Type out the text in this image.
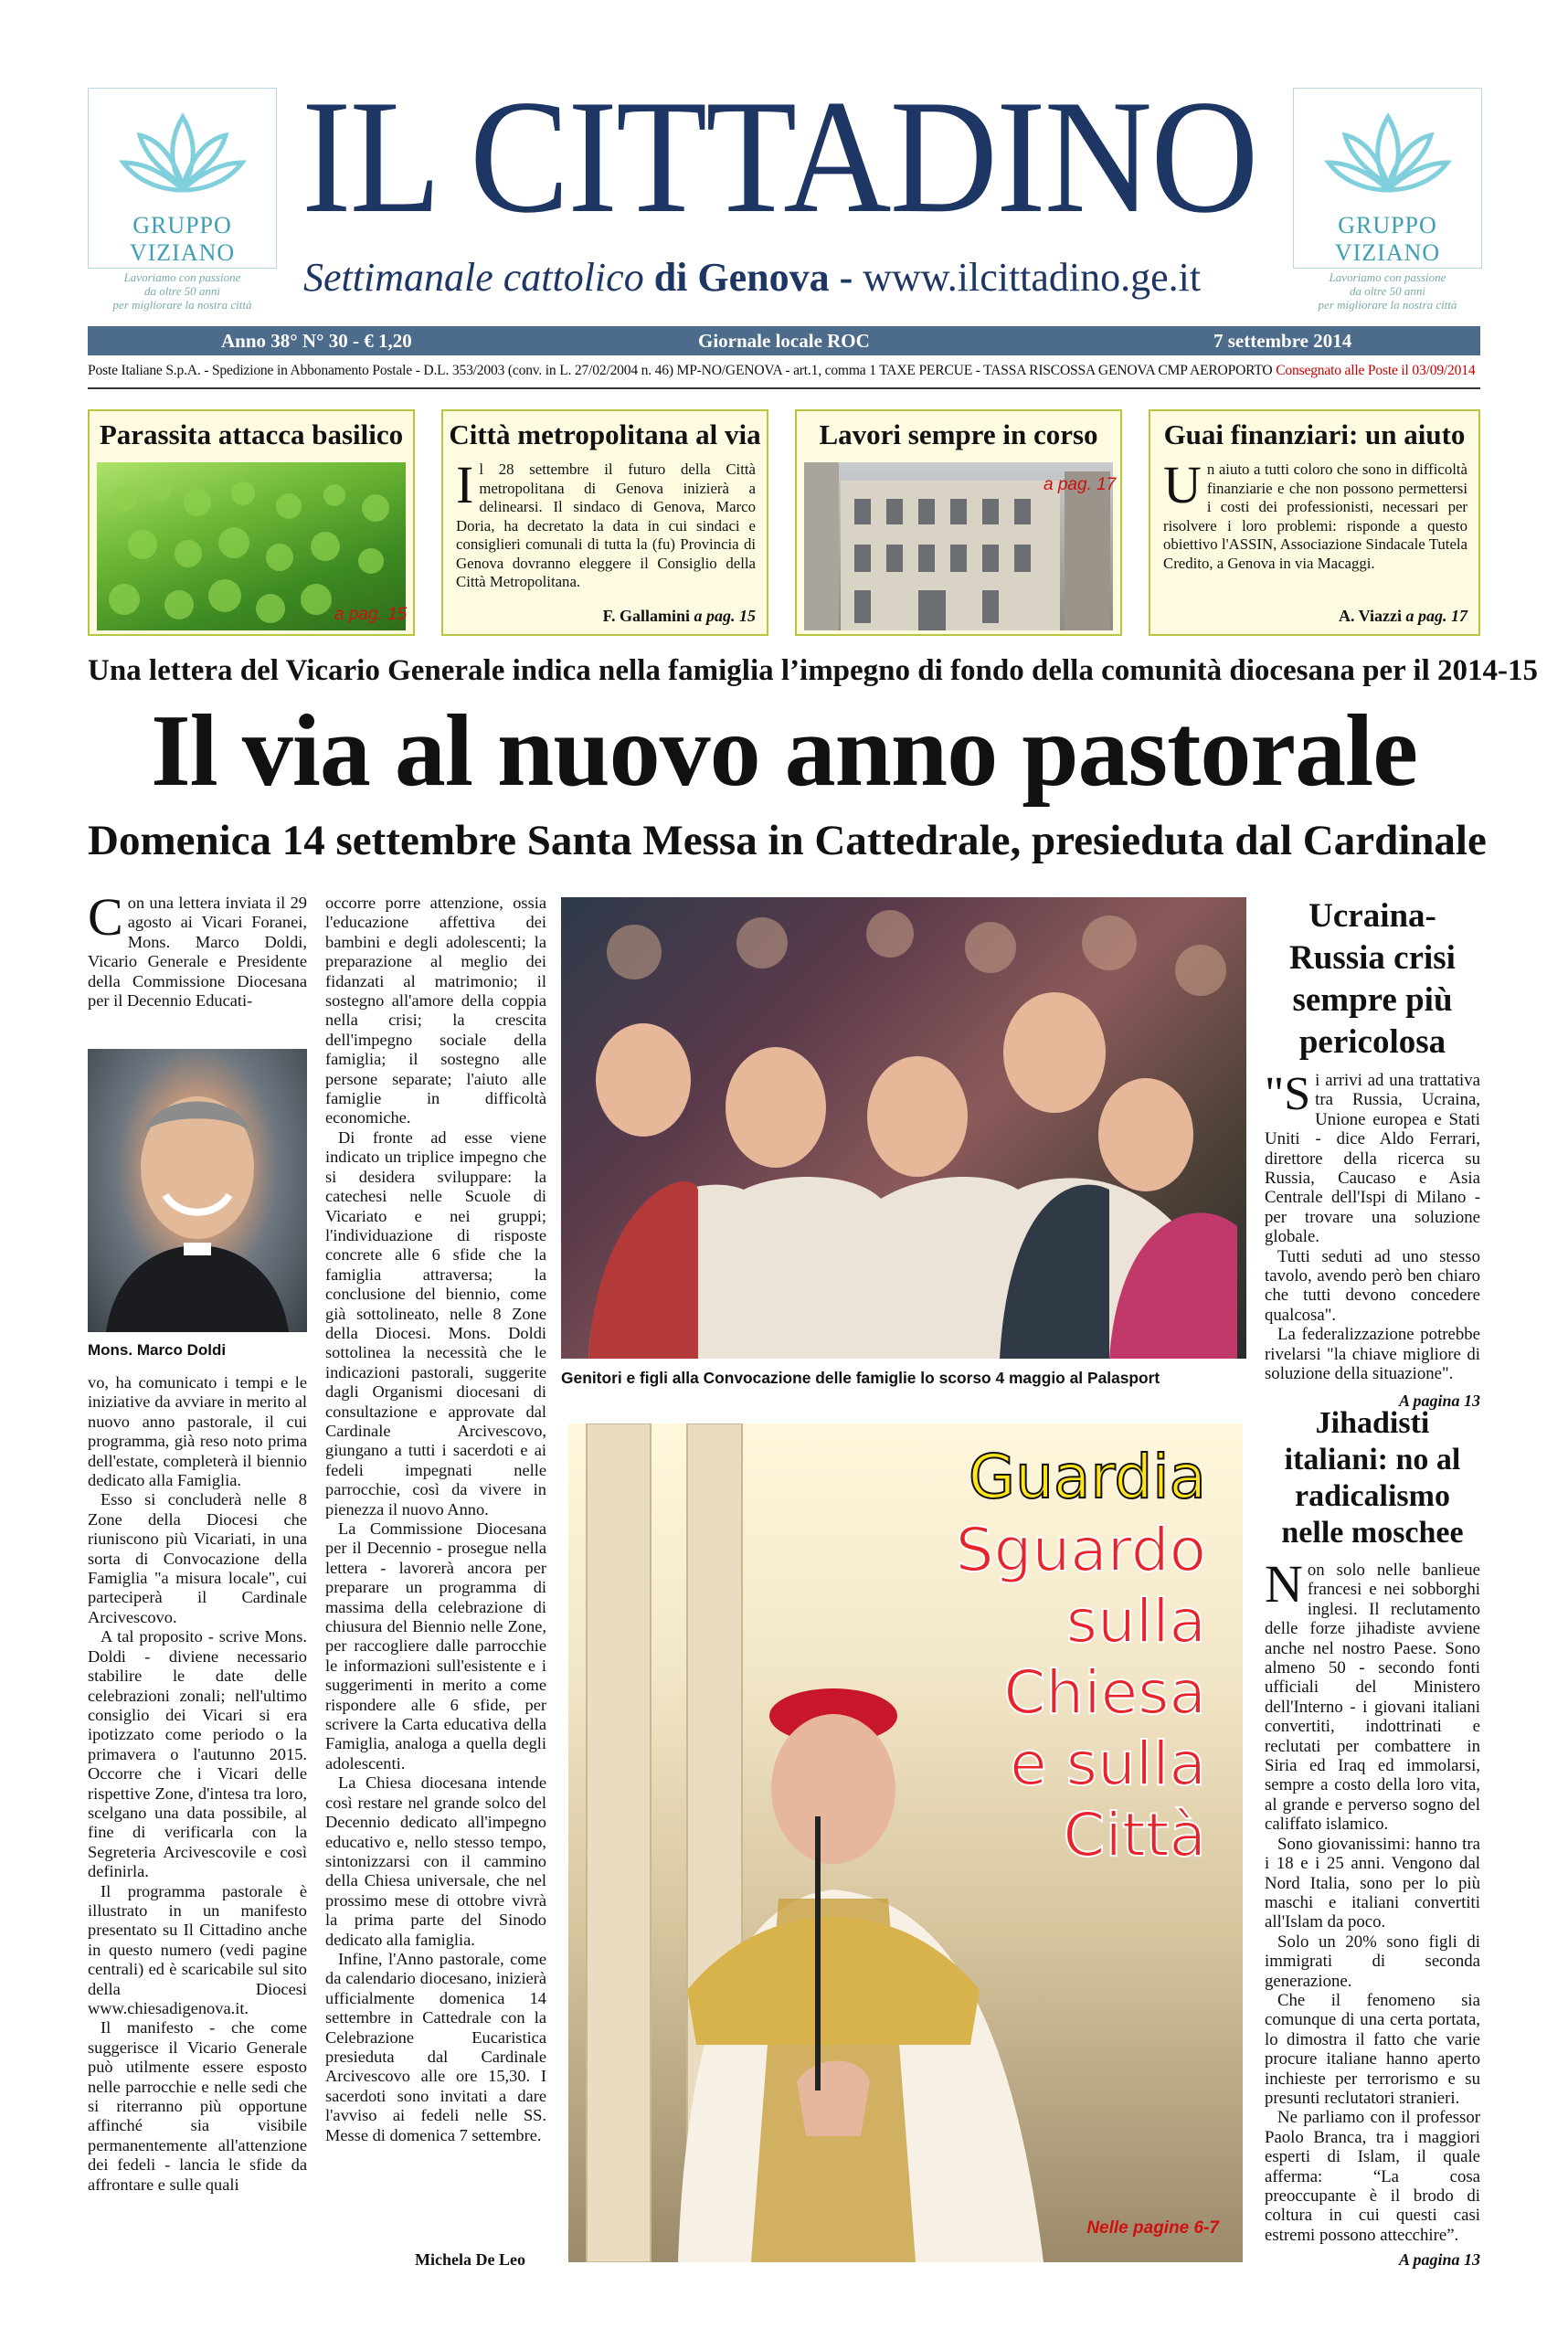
GRUPPO VIZIANO
Lavoriamo con passione
da oltre 50 anni
per migliorare la nostra città
GRUPPO VIZIANO
Lavoriamo con passione
da oltre 50 anni
per migliorare la nostra città
IL CITTADINO
Settimanale cattolico di Genova - www.ilcittadino.ge.it
Anno 38° N° 30 - € 1,20	Giornale locale ROC	7 settembre 2014
Poste Italiane S.p.A. - Spedizione in Abbonamento Postale - D.L. 353/2003 (conv. in L. 27/02/2004 n. 46) MP-NO/GENOVA - art.1, comma 1 TAXE PERCUE - TASSA RISCOSSA GENOVA CMP AEROPORTO Consegnato alle Poste il 03/09/2014
Parassita attacca basilico
a pag. 15
Città metropolitana al via
Il 28 settembre il futuro della Città metropolitana di Genova inizierà a delinearsi. Il sindaco di Genova, Marco Doria, ha decretato la data in cui sindaci e consiglieri comunali di tutta la (fu) Provincia di Genova dovranno eleggere il Consiglio della Città Metropolitana.
F. Gallamini a pag. 15
Lavori sempre in corso
a pag. 17
Guai finanziari: un aiuto
Un aiuto a tutti coloro che sono in difficoltà finanziarie e che non possono permettersi i costi dei professionisti, necessari per risolvere i loro problemi: risponde a questo obiettivo l'ASSIN, Associazione Sindacale Tutela Credito, a Genova in via Macaggi.
A. Viazzi a pag. 17
Una lettera del Vicario Generale indica nella famiglia l’impegno di fondo della comunità diocesana per il 2014-15
Il via al nuovo anno pastorale
Domenica 14 settembre Santa Messa in Cattedrale, presieduta dal Cardinale

Con una lettera inviata il 29 agosto ai Vicari Foranei, Mons. Marco Doldi, Vicario Generale e Presidente della Commissione Diocesana per il Decennio Educati-

Mons. Marco Doldi

vo, ha comunicato i tempi e le iniziative da avviare in merito al nuovo anno pastorale, il cui programma, già reso noto prima dell'estate, completerà il biennio dedicato alla Famiglia.

Esso si concluderà nelle 8 Zone della Diocesi che riuniscono più Vicariati, in una sorta di Convocazione della Famiglia "a misura locale", cui parteciperà il Cardinale Arcivescovo.

A tal proposito - scrive Mons. Doldi - diviene necessario stabilire le date delle celebrazioni zonali; nell'ultimo consiglio dei Vicari si era ipotizzato come periodo o la primavera o l'autunno 2015. Occorre che i Vicari delle rispettive Zone, d'intesa tra loro, scelgano una data possibile, al fine di verificarla con la Segreteria Arcivescovile e così definirla.

Il programma pastorale è illustrato in un manifesto presentato su Il Cittadino anche in questo numero (vedi pagine centrali) ed è scaricabile sul sito della Diocesi www.chiesadigenova.it.

Il manifesto - che come suggerisce il Vicario Generale può utilmente essere esposto nelle parrocchie e nelle sedi che si riterranno più opportune affinché sia visibile permanentemente all'attenzione dei fedeli - lancia le sfide da affrontare e sulle quali

occorre porre attenzione, ossia l'educazione affettiva dei bambini e degli adolescenti; la preparazione al meglio dei fidanzati al matrimonio; il sostegno all'amore della coppia nella crisi; la crescita dell'impegno sociale della famiglia; il sostegno alle persone separate; l'aiuto alle famiglie in difficoltà economiche.

Di fronte ad esse viene indicato un triplice impegno che si desidera sviluppare: la catechesi nelle Scuole di Vicariato e nei gruppi; l'individuazione di risposte concrete alle 6 sfide che la famiglia attraversa; la conclusione del biennio, come già sottolineato, nelle 8 Zone della Diocesi. Mons. Doldi sottolinea la necessità che le indicazioni pastorali, suggerite dagli Organismi diocesani di consultazione e approvate dal Cardinale Arcivescovo, giungano a tutti i sacerdoti e ai fedeli impegnati nelle parrocchie, così da vivere in pienezza il nuovo Anno.

La Commissione Diocesana per il Decennio - prosegue nella lettera - lavorerà ancora per preparare un programma di massima della celebrazione di chiusura del Biennio nelle Zone, per raccogliere dalle parrocchie le informazioni sull'esistente e i suggerimenti in merito a come rispondere alle 6 sfide, per scrivere la Carta educativa della Famiglia, analoga a quella degli adolescenti.

La Chiesa diocesana intende così restare nel grande solco del Decennio dedicato all'impegno educativo e, nello stesso tempo, sintonizzarsi con il cammino della Chiesa universale, che nel prossimo mese di ottobre vivrà la prima parte del Sinodo dedicato alla famiglia.

Infine, l'Anno pastorale, come da calendario diocesano, inizierà ufficialmente domenica 14 settembre in Cattedrale con la Celebrazione Eucaristica presieduta dal Cardinale Arcivescovo alle ore 15,30. I sacerdoti sono invitati a dare l'avviso ai fedeli nelle SS. Messe di domenica 7 settembre.

Michela De Leo
Genitori e figli alla Convocazione delle famiglie lo scorso 4 maggio al Palasport
Guardia
Sguardo
sulla
Chiesa
e sulla
Città
Nelle pagine 6-7
Ucraina-Russia crisi sempre più pericolosa

"Si arrivi ad una trattativa tra Russia, Ucraina, Unione europea e Stati Uniti - dice Aldo Ferrari, direttore della ricerca su Russia, Caucaso e Asia Centrale dell'Ispi di Milano - per trovare una soluzione globale.

Tutti seduti ad uno stesso tavolo, avendo però ben chiaro che tutti devono concedere qualcosa".

La federalizzazione potrebbe rivelarsi "la chiave migliore di soluzione della situazione".

A pagina 13
Jihadisti italiani: no al radicalismo nelle moschee

Non solo nelle banlieue francesi e nei sobborghi inglesi. Il reclutamento delle forze jihadiste avviene anche nel nostro Paese. Sono almeno 50 - secondo fonti ufficiali del Ministero dell'Interno - i giovani italiani convertiti, indottrinati e reclutati per combattere in Siria ed Iraq ed immolarsi, sempre a costo della loro vita, al grande e perverso sogno del califfato islamico.

Sono giovanissimi: hanno tra i 18 e i 25 anni. Vengono dal Nord Italia, sono per lo più maschi e italiani convertiti all'Islam da poco.

Solo un 20% sono figli di immigrati di seconda generazione.

Che il fenomeno sia comunque di una certa portata, lo dimostra il fatto che varie procure italiane hanno aperto inchieste per terrorismo e su presunti reclutatori stranieri.

Ne parliamo con il professor Paolo Branca, tra i maggiori esperti di Islam, il quale afferma: “La cosa preoccupante è il brodo di coltura in cui questi casi estremi possono attecchire”.

A pagina 13
